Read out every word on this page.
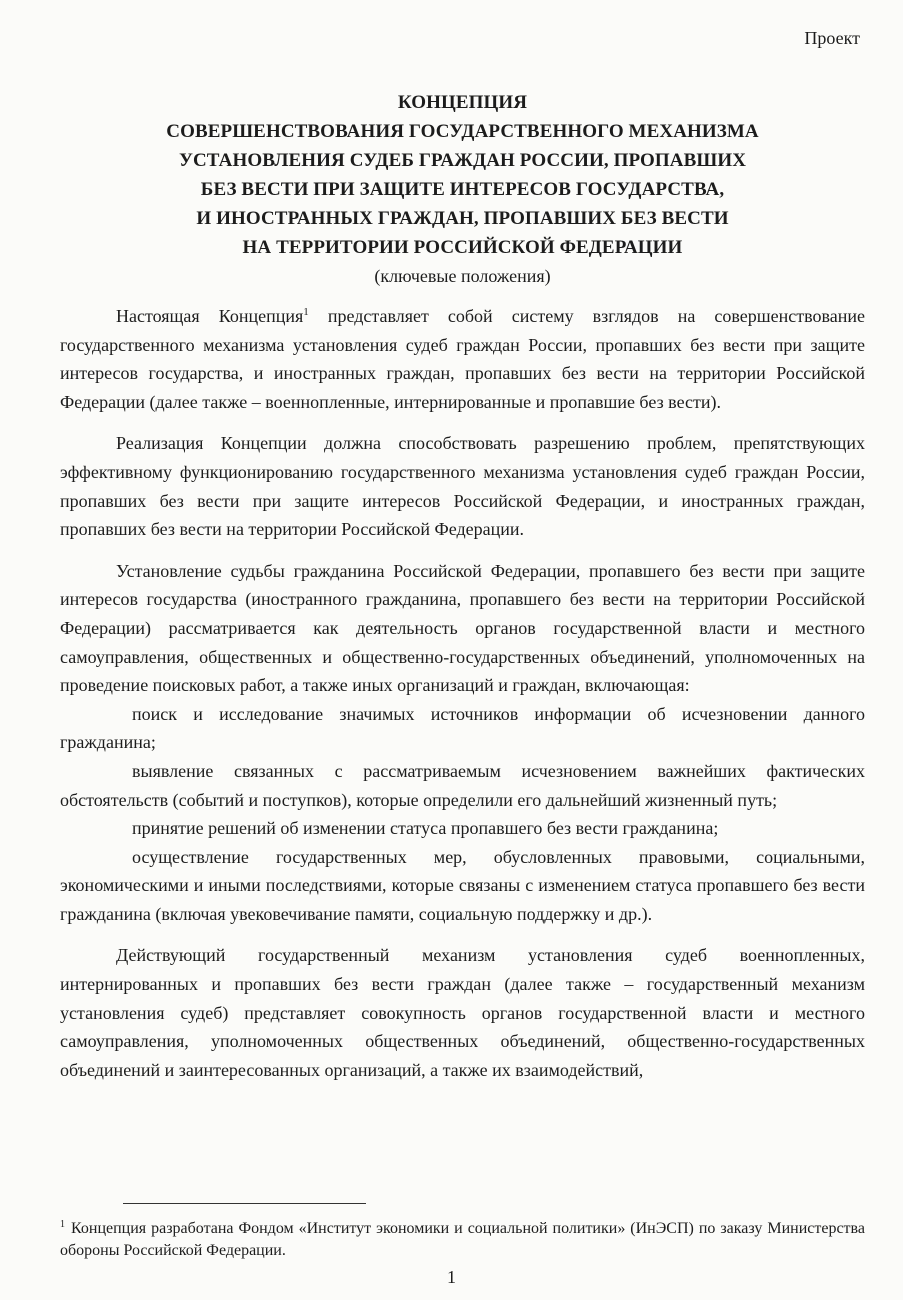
Проект
КОНЦЕПЦИЯ
СОВЕРШЕНСТВОВАНИЯ ГОСУДАРСТВЕННОГО МЕХАНИЗМА
УСТАНОВЛЕНИЯ СУДЕБ ГРАЖДАН РОССИИ, ПРОПАВШИХ
БЕЗ ВЕСТИ ПРИ ЗАЩИТЕ ИНТЕРЕСОВ ГОСУДАРСТВА,
И ИНОСТРАННЫХ ГРАЖДАН, ПРОПАВШИХ БЕЗ ВЕСТИ
НА ТЕРРИТОРИИ РОССИЙСКОЙ ФЕДЕРАЦИИ
(ключевые положения)

Настоящая Концепция$^1$ представляет собой систему взглядов на совершенствование государственного механизма установления судеб граждан России, пропавших без вести при защите интересов государства, и иностранных граждан, пропавших без вести на территории Российской Федерации (далее также – военнопленные, интернированные и пропавшие без вести).

Реализация Концепции должна способствовать разрешению проблем, препятствующих эффективному функционированию государственного механизма установления судеб граждан России, пропавших без вести при защите интересов Российской Федерации, и иностранных граждан, пропавших без вести на территории Российской Федерации.

Установление судьбы гражданина Российской Федерации, пропавшего без вести при защите интересов государства (иностранного гражданина, пропавшего без вести на территории Российской Федерации) рассматривается как деятельность органов государственной власти и местного самоуправления, общественных и общественно-государственных объединений, уполномоченных на проведение поисковых работ, а также иных организаций и граждан, включающая:

поиск и исследование значимых источников информации об исчезновении данного гражданина;

выявление связанных с рассматриваемым исчезновением важнейших фактических обстоятельств (событий и поступков), которые определили его дальнейший жизненный путь;

принятие решений об изменении статуса пропавшего без вести гражданина;

осуществление государственных мер, обусловленных правовыми, социальными, экономическими и иными последствиями, которые связаны с изменением статуса пропавшего без вести гражданина (включая увековечивание памяти, социальную поддержку и др.).

Действующий государственный механизм установления судеб военнопленных, интернированных и пропавших без вести граждан (далее также – государственный механизм установления судеб) представляет совокупность органов государственной власти и местного самоуправления, уполномоченных общественных объединений, общественно-государственных объединений и заинтересованных организаций, а также их взаимодействий,

$^1$ Концепция разработана Фондом «Институт экономики и социальной политики» (ИнЭСП) по заказу Министерства обороны Российской Федерации.
1
